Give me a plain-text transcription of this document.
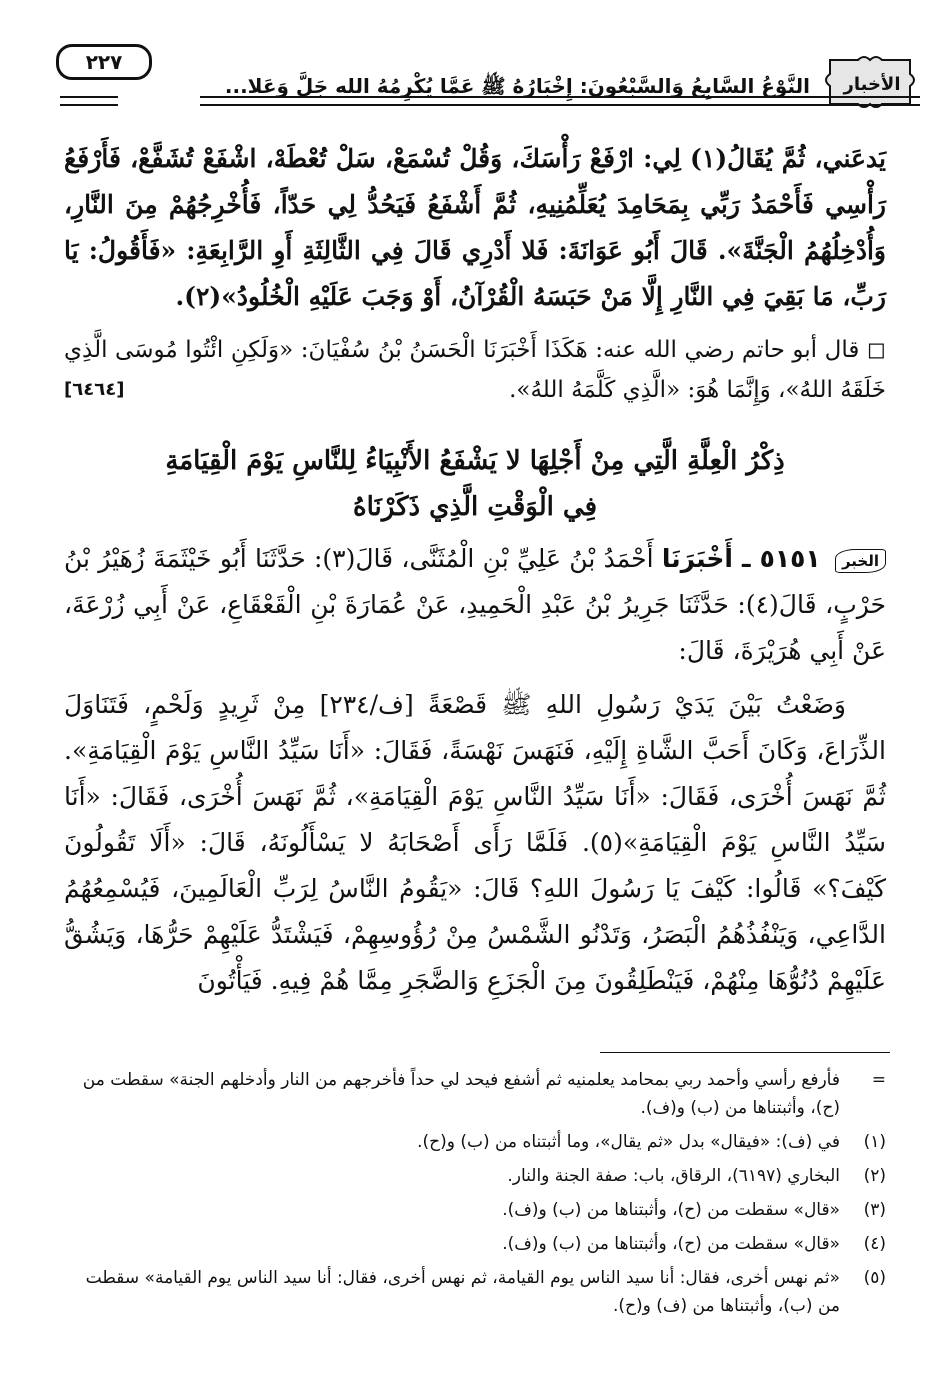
الأخبار
النَّوْعُ السَّابِعُ وَالسَّبْعُونَ: إِخْبَارُهُ ﷺ عَمَّا يُكْرِمُهُ الله جَلَّ وَعَلا...
٢٢٧

يَدعَني، ثُمَّ يُقَالُ(١) لِي: ارْفَعْ رَأْسَكَ، وَقُلْ تُسْمَعْ، سَلْ تُعْطَهْ، اشْفَعْ تُشَفَّعْ، فَأَرْفَعُ رَأْسِي فَأَحْمَدُ رَبِّي بِمَحَامِدَ يُعَلِّمُنِيهِ، ثُمَّ أَشْفَعُ فَيَحُدُّ لِي حَدّاً، فَأُخْرِجُهُمْ مِنَ النَّارِ، وَأُدْخِلُهُمُ الْجَنَّةَ». قَالَ أَبُو عَوَانَةَ: فَلا أَدْرِي قَالَ فِي الثَّالِثَةِ أَوِ الرَّابِعَةِ: «فَأَقُولُ: يَا رَبِّ، مَا بَقِيَ فِي النَّارِ إِلَّا مَنْ حَبَسَهُ الْقُرْآنُ، أَوْ وَجَبَ عَلَيْهِ الْخُلُودُ»(٢).

◻ قال أبو حاتم رضي الله عنه: هَكَذَا أَخْبَرَنَا الْحَسَنُ بْنُ سُفْيَانَ: «وَلَكِنِ ائْتُوا مُوسَى الَّذِي خَلَقَهُ اللهُ»، وَإِنَّمَا هُوَ: «الَّذِي كَلَّمَهُ اللهُ».
[٦٤٦٤]

ذِكْرُ الْعِلَّةِ الَّتِي مِنْ أَجْلِهَا لا يَشْفَعُ الأَنْبِيَاءُ لِلنَّاسِ يَوْمَ الْقِيَامَةِ
فِي الْوَقْتِ الَّذِي ذَكَرْنَاهُ

الخبر ٥١٥١ ـ أَخْبَرَنَا أَحْمَدُ بْنُ عَلِيِّ بْنِ الْمُثَنَّى، قَالَ(٣): حَدَّثَنَا أَبُو خَيْثَمَةَ زُهَيْرُ بْنُ حَرْبٍ، قَالَ(٤): حَدَّثَنَا جَرِيرُ بْنُ عَبْدِ الْحَمِيدِ، عَنْ عُمَارَةَ بْنِ الْقَعْقَاعِ، عَنْ أَبِي زُرْعَةَ، عَنْ أَبِي هُرَيْرَةَ، قَالَ:

وَضَعْتُ بَيْنَ يَدَيْ رَسُولِ اللهِ ﷺ قَصْعَةً [ف/٢٣٤] مِنْ ثَرِيدٍ وَلَحْمٍ، فَتَنَاوَلَ الذِّرَاعَ، وَكَانَ أَحَبَّ الشَّاةِ إِلَيْهِ، فَنَهَسَ نَهْسَةً، فَقَالَ: «أَنَا سَيِّدُ النَّاسِ يَوْمَ الْقِيَامَةِ». ثُمَّ نَهَسَ أُخْرَى، فَقَالَ: «أَنَا سَيِّدُ النَّاسِ يَوْمَ الْقِيَامَةِ»، ثُمَّ نَهَسَ أُخْرَى، فَقَالَ: «أَنَا سَيِّدُ النَّاسِ يَوْمَ الْقِيَامَةِ»(٥). فَلَمَّا رَأَى أَصْحَابَهُ لا يَسْأَلُونَهُ، قَالَ: «أَلَا تَقُولُونَ كَيْفَ؟» قَالُوا: كَيْفَ يَا رَسُولَ اللهِ؟ قَالَ: «يَقُومُ النَّاسُ لِرَبِّ الْعَالَمِينَ، فَيُسْمِعُهُمُ الدَّاعِي، وَيَنْفُذُهُمُ الْبَصَرُ، وَتَدْنُو الشَّمْسُ مِنْ رُؤُوسِهِمْ، فَيَشْتَدُّ عَلَيْهِمْ حَرُّهَا، وَيَشُقُّ عَلَيْهِمْ دُنُوُّهَا مِنْهُمْ، فَيَنْطَلِقُونَ مِنَ الْجَزَعِ وَالضَّجَرِ مِمَّا هُمْ فِيهِ. فَيَأْتُونَ

=
فأرفع رأسي وأحمد ربي بمحامد يعلمنيه ثم أشفع فيحد لي حداً فأخرجهم من النار وأدخلهم الجنة» سقطت من (ح)، وأثبتناها من (ب) و(ف).
(١)
في (ف): «فيقال» بدل «ثم يقال»، وما أثبتناه من (ب) و(ح).
(٢)
البخاري (٦١٩٧)، الرقاق، باب: صفة الجنة والنار.
(٣)
«قال» سقطت من (ح)، وأثبتناها من (ب) و(ف).
(٤)
«قال» سقطت من (ح)، وأثبتناها من (ب) و(ف).
(٥)
«ثم نهس أخرى، فقال: أنا سيد الناس يوم القيامة، ثم نهس أخرى، فقال: أنا سيد الناس يوم القيامة» سقطت من (ب)، وأثبتناها من (ف) و(ح).
